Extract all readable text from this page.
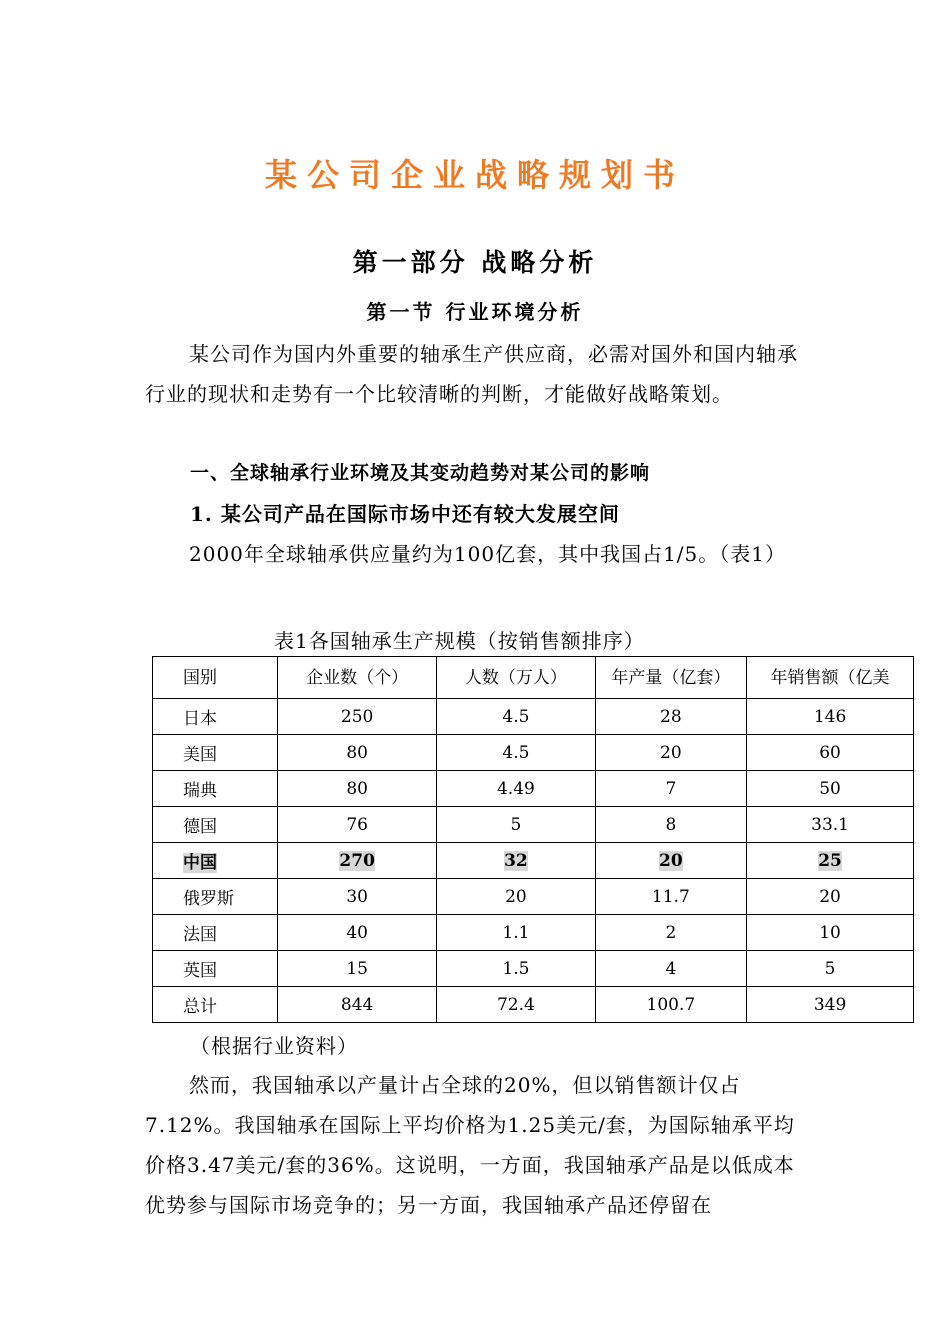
某公司企业战略规划书
第一部分 战略分析
第一节 行业环境分析
某公司作为国内外重要的轴承生产供应商，必需对国外和国内轴承行业的现状和走势有一个比较清晰的判断，才能做好战略策划。
一、全球轴承行业环境及其变动趋势对某公司的影响
1. 某公司产品在国际市场中还有较大发展空间
2000年全球轴承供应量约为100亿套，其中我国占1/5。（表1）
表1各国轴承生产规模（按销售额排序）
国别	企业数（个）	人数（万人）	年产量（亿套）	年销售额（亿美
日本	250	4.5	28	146
美国	80	4.5	20	60
瑞典	80	4.49	7	50
德国	76	5	8	33.1
中国	270	32	20	25
俄罗斯	30	20	11.7	20
法国	40	1.1	2	10
英国	15	1.5	4	5
总计	844	72.4	100.7	349
（根据行业资料）
然而，我国轴承以产量计占全球的20%，但以销售额计仅占7.12%。我国轴承在国际上平均价格为1.25美元/套，为国际轴承平均价格3.47美元/套的36%。这说明，一方面，我国轴承产品是以低成本优势参与国际市场竞争的；另一方面，我国轴承产品还停留在
